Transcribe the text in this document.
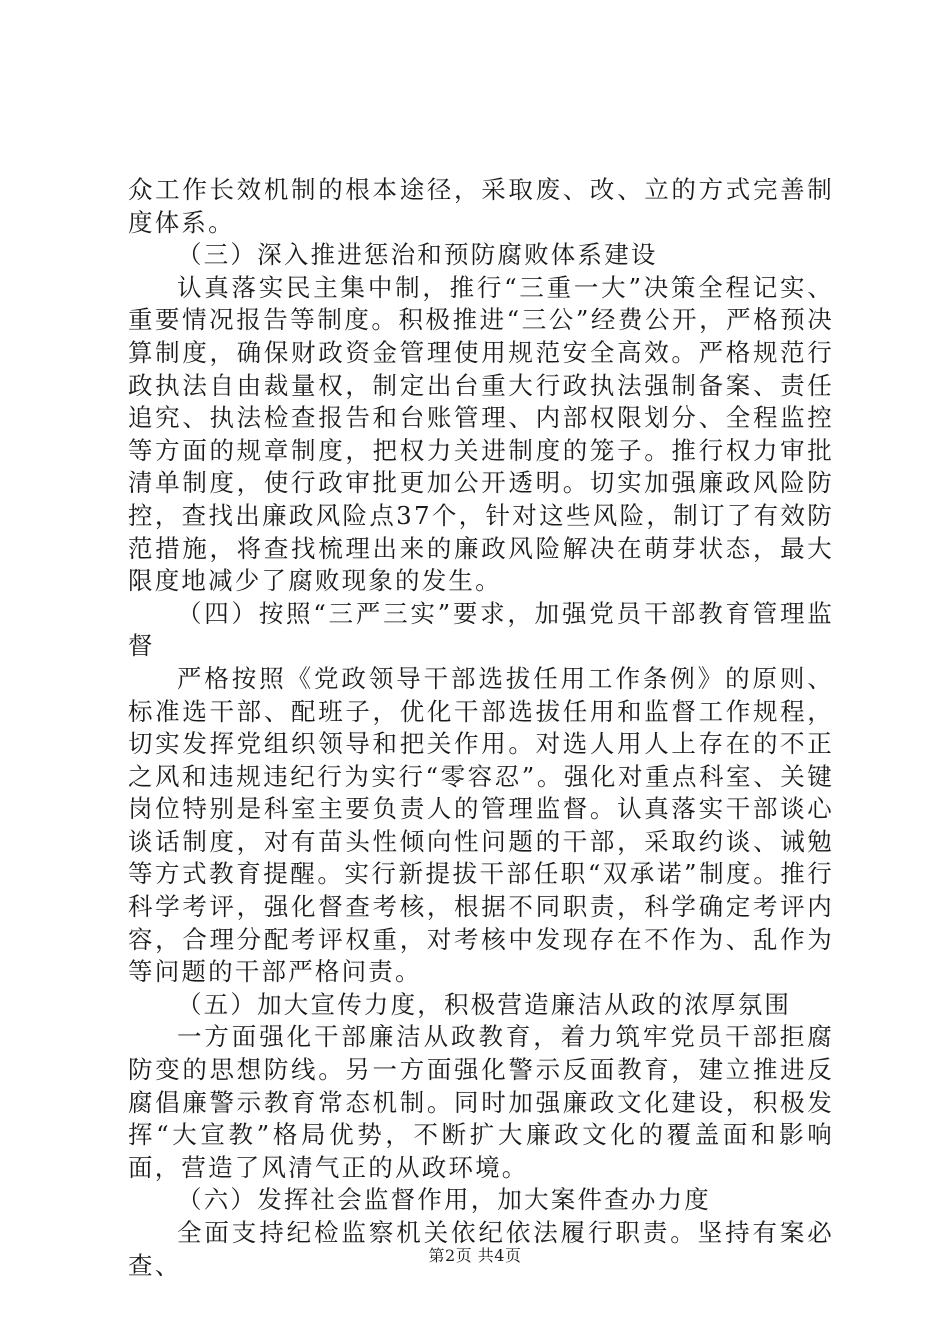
众工作长效机制的根本途径，采取废、改、立的方式完善制度体系。

（三）深入推进惩治和预防腐败体系建设

认真落实民主集中制，推行“三重一大”决策全程记实、重要情况报告等制度。积极推进“三公”经费公开，严格预决算制度，确保财政资金管理使用规范安全高效。严格规范行政执法自由裁量权，制定出台重大行政执法强制备案、责任追究、执法检查报告和台账管理、内部权限划分、全程监控等方面的规章制度，把权力关进制度的笼子。推行权力审批清单制度，使行政审批更加公开透明。切实加强廉政风险防控，查找出廉政风险点37个，针对这些风险，制订了有效防范措施，将查找梳理出来的廉政风险解决在萌芽状态，最大限度地减少了腐败现象的发生。

（四）按照“三严三实”要求，加强党员干部教育管理监督

严格按照《党政领导干部选拔任用工作条例》的原则、标准选干部、配班子，优化干部选拔任用和监督工作规程，切实发挥党组织领导和把关作用。对选人用人上存在的不正之风和违规违纪行为实行“零容忍”。强化对重点科室、关键岗位特别是科室主要负责人的管理监督。认真落实干部谈心谈话制度，对有苗头性倾向性问题的干部，采取约谈、诫勉等方式教育提醒。实行新提拔干部任职“双承诺”制度。推行科学考评，强化督查考核，根据不同职责，科学确定考评内容，合理分配考评权重，对考核中发现存在不作为、乱作为等问题的干部严格问责。

（五）加大宣传力度，积极营造廉洁从政的浓厚氛围

一方面强化干部廉洁从政教育，着力筑牢党员干部拒腐防变的思想防线。另一方面强化警示反面教育，建立推进反腐倡廉警示教育常态机制。同时加强廉政文化建设，积极发挥“大宣教”格局优势，不断扩大廉政文化的覆盖面和影响面，营造了风清气正的从政环境。

（六）发挥社会监督作用，加大案件查办力度

全面支持纪检监察机关依纪依法履行职责。坚持有案必查、	第2页 共4页
